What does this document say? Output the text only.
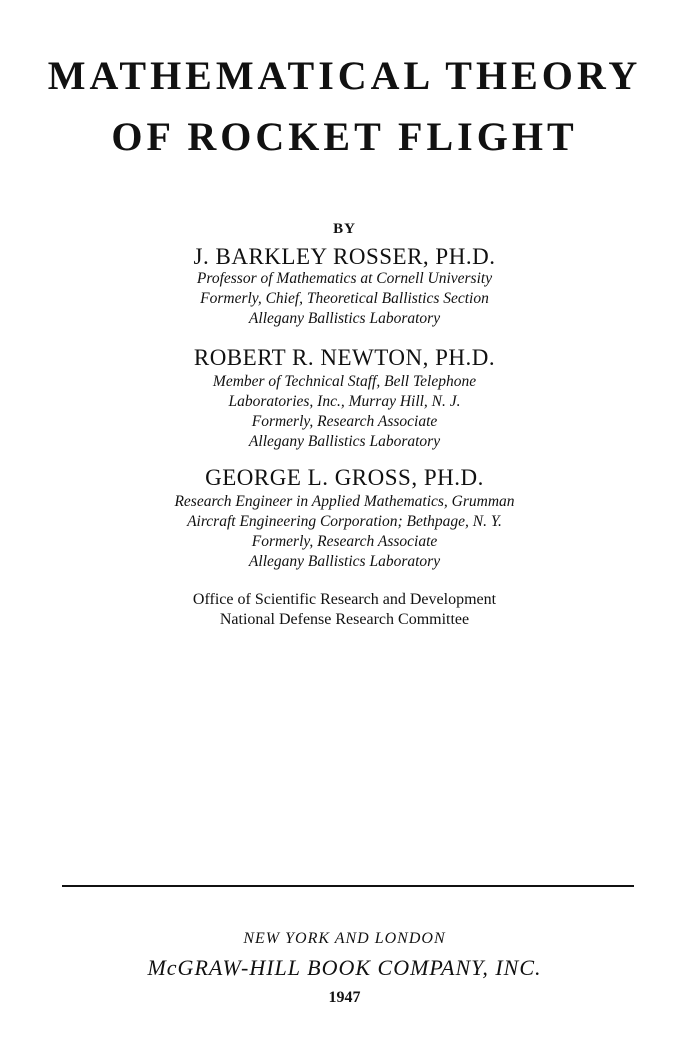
MATHEMATICAL THEORY
OF ROCKET FLIGHT
BY
J. BARKLEY ROSSER, PH.D.
Professor of Mathematics at Cornell University
Formerly, Chief, Theoretical Ballistics Section
Allegany Ballistics Laboratory
ROBERT R. NEWTON, PH.D.
Member of Technical Staff, Bell Telephone
Laboratories, Inc., Murray Hill, N. J.
Formerly, Research Associate
Allegany Ballistics Laboratory
GEORGE L. GROSS, PH.D.
Research Engineer in Applied Mathematics, Grumman
Aircraft Engineering Corporation; Bethpage, N. Y.
Formerly, Research Associate
Allegany Ballistics Laboratory
Office of Scientific Research and Development
National Defense Research Committee
NEW YORK AND LONDON
McGRAW-HILL BOOK COMPANY, INC.
1947
